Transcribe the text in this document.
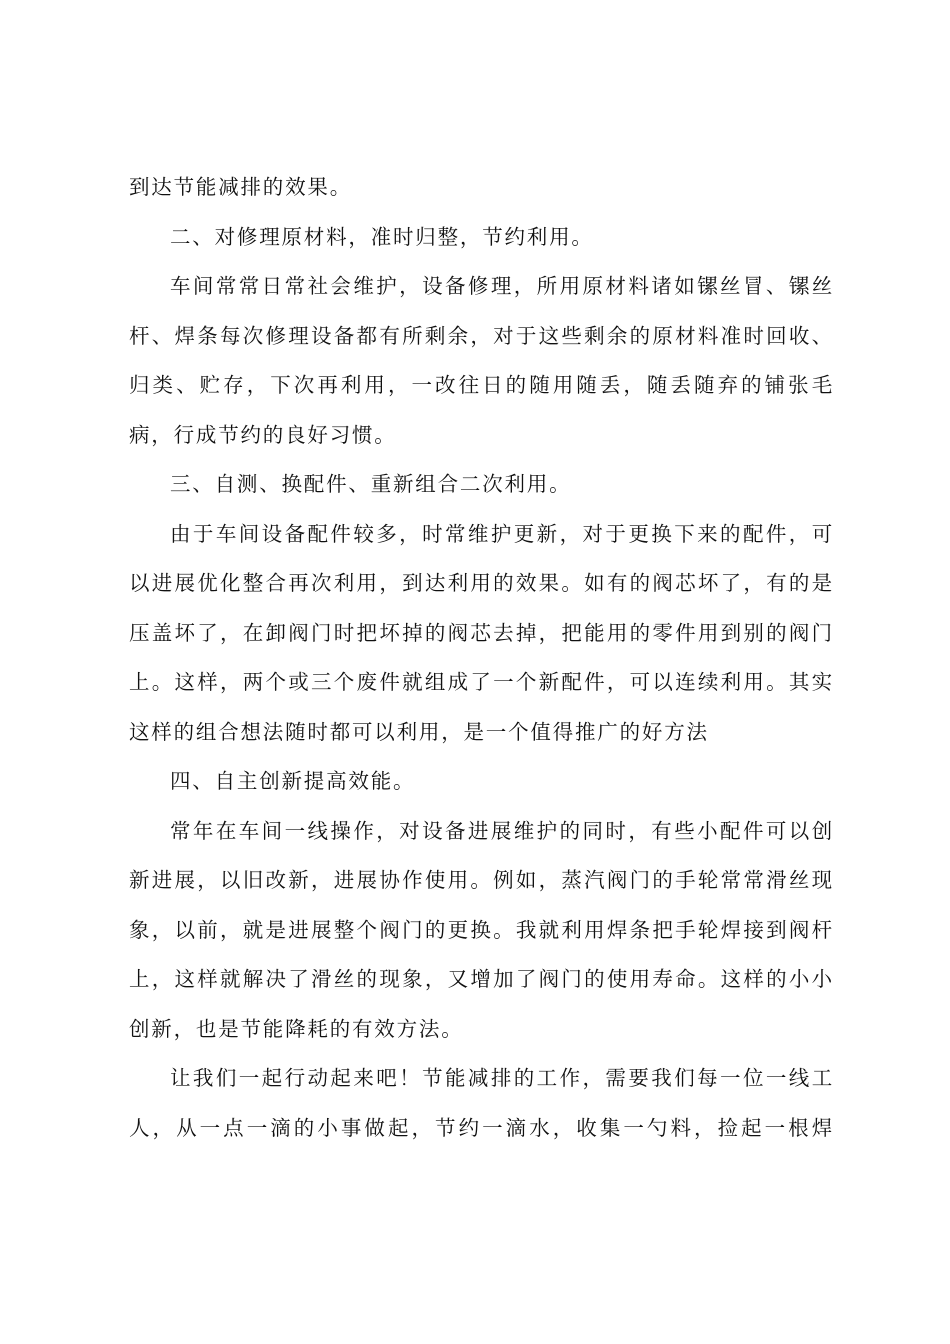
到达节能减排的效果。

二、对修理原材料，准时归整，节约利用。

车间常常日常社会维护，设备修理，所用原材料诸如镙丝冒、镙丝杆、焊条每次修理设备都有所剩余，对于这些剩余的原材料准时回收、归类、贮存，下次再利用，一改往日的随用随丢，随丢随弃的铺张毛病，行成节约的良好习惯。

三、自测、换配件、重新组合二次利用。

由于车间设备配件较多，时常维护更新，对于更换下来的配件，可以进展优化整合再次利用，到达利用的效果。如有的阀芯坏了，有的是压盖坏了，在卸阀门时把坏掉的阀芯去掉，把能用的零件用到别的阀门上。这样，两个或三个废件就组成了一个新配件，可以连续利用。其实这样的组合想法随时都可以利用，是一个值得推广的好方法

四、自主创新提高效能。

常年在车间一线操作，对设备进展维护的同时，有些小配件可以创新进展，以旧改新，进展协作使用。例如，蒸汽阀门的手轮常常滑丝现象，以前，就是进展整个阀门的更换。我就利用焊条把手轮焊接到阀杆上，这样就解决了滑丝的现象，又增加了阀门的使用寿命。这样的小小创新，也是节能降耗的有效方法。

让我们一起行动起来吧！节能减排的工作，需要我们每一位一线工人，从一点一滴的小事做起，节约一滴水，收集一勺料，捡起一根焊
